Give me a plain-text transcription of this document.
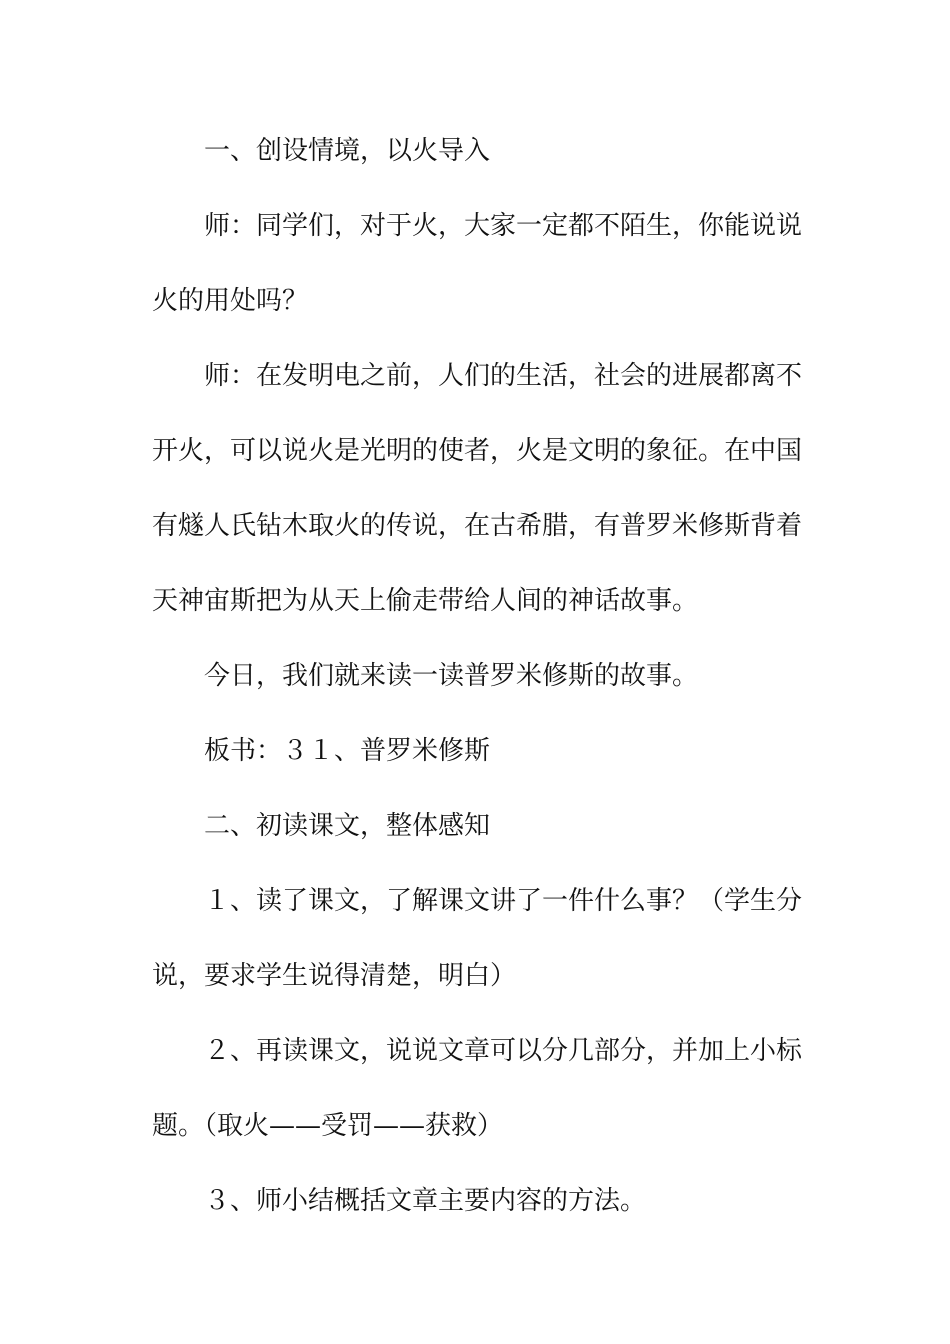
一、创设情境，以火导入
师：同学们，对于火，大家一定都不陌生，你能说说
火的用处吗？
师：在发明电之前，人们的生活，社会的进展都离不
开火，可以说火是光明的使者，火是文明的象征。在中国
有燧人氏钻木取火的传说，在古希腊，有普罗米修斯背着
天神宙斯把为从天上偷走带给人间的神话故事。
今日，我们就来读一读普罗米修斯的故事。
板书：３１、普罗米修斯
二、初读课文，整体感知
１、读了课文，了解课文讲了一件什么事？（学生分
说，要求学生说得清楚，明白）
２、再读课文，说说文章可以分几部分，并加上小标
题。（取火——受罚——获救）
３、师小结概括文章主要内容的方法。
